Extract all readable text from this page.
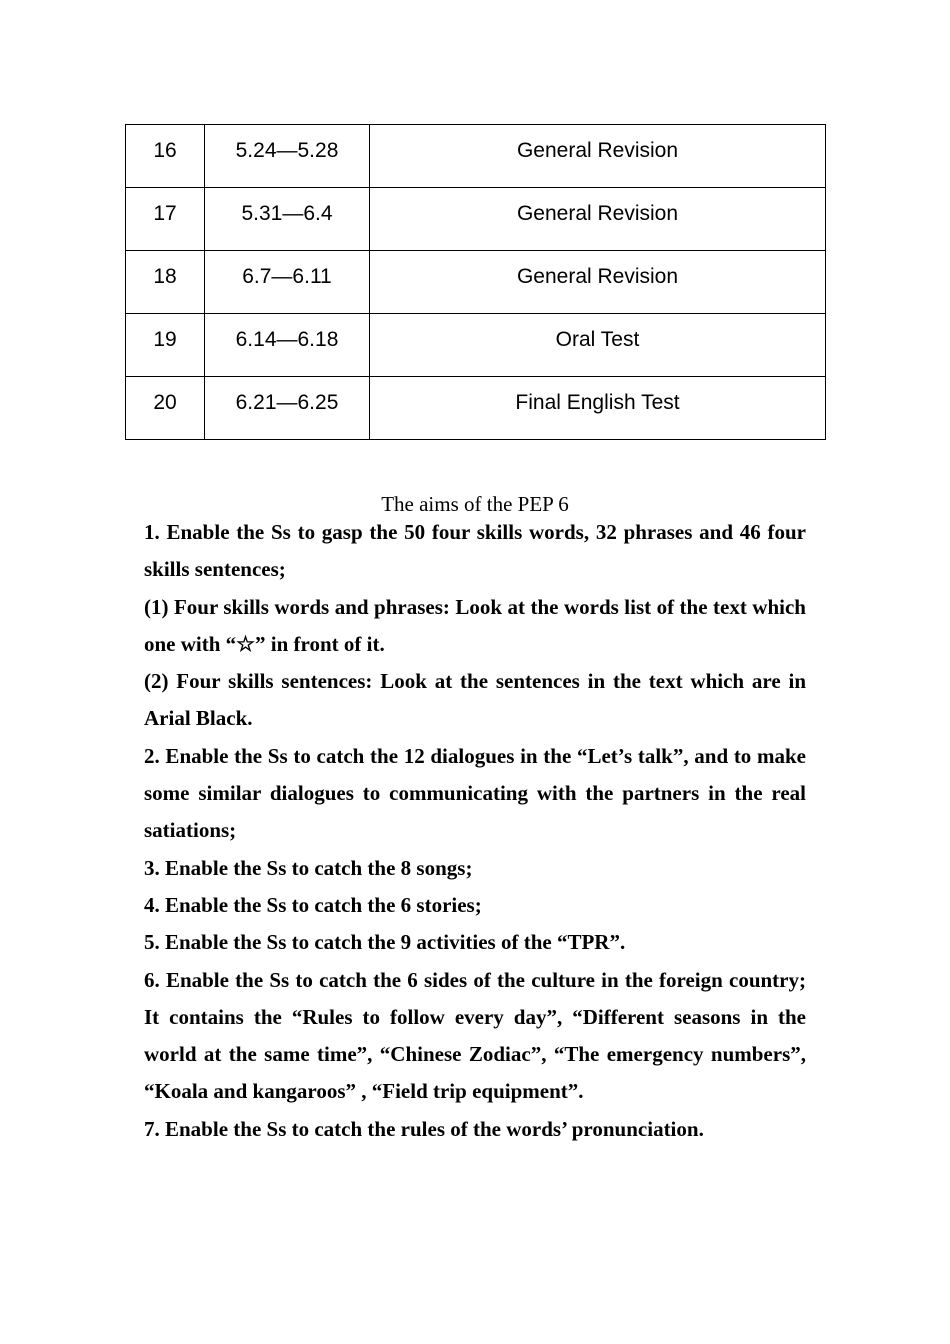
16	5.24—5.28	General Revision
17	5.31—6.4	General Revision
18	6.7—6.11	General Revision
19	6.14—6.18	Oral Test
20	6.21—6.25	Final English Test
The aims of the PEP 6

1. Enable the Ss to gasp the 50 four skills words, 32 phrases and 46 four skills sentences;

(1) Four skills words and phrases: Look at the words list of the text which one with “☆” in front of it.

(2) Four skills sentences: Look at the sentences in the text which are in Arial Black.

2. Enable the Ss to catch the 12 dialogues in the “Let’s talk”, and to make some similar dialogues to communicating with the partners in the real satiations;

3. Enable the Ss to catch the 8 songs;

4. Enable the Ss to catch the 6 stories;

5. Enable the Ss to catch the 9 activities of the “TPR”.

6. Enable the Ss to catch the 6 sides of the culture in the foreign country; It contains the “Rules to follow every day”, “Different seasons in the world at the same time”, “Chinese Zodiac”, “The emergency numbers”, “Koala and kangaroos” , “Field trip equipment”.

7. Enable the Ss to catch the rules of the words’ pronunciation.
